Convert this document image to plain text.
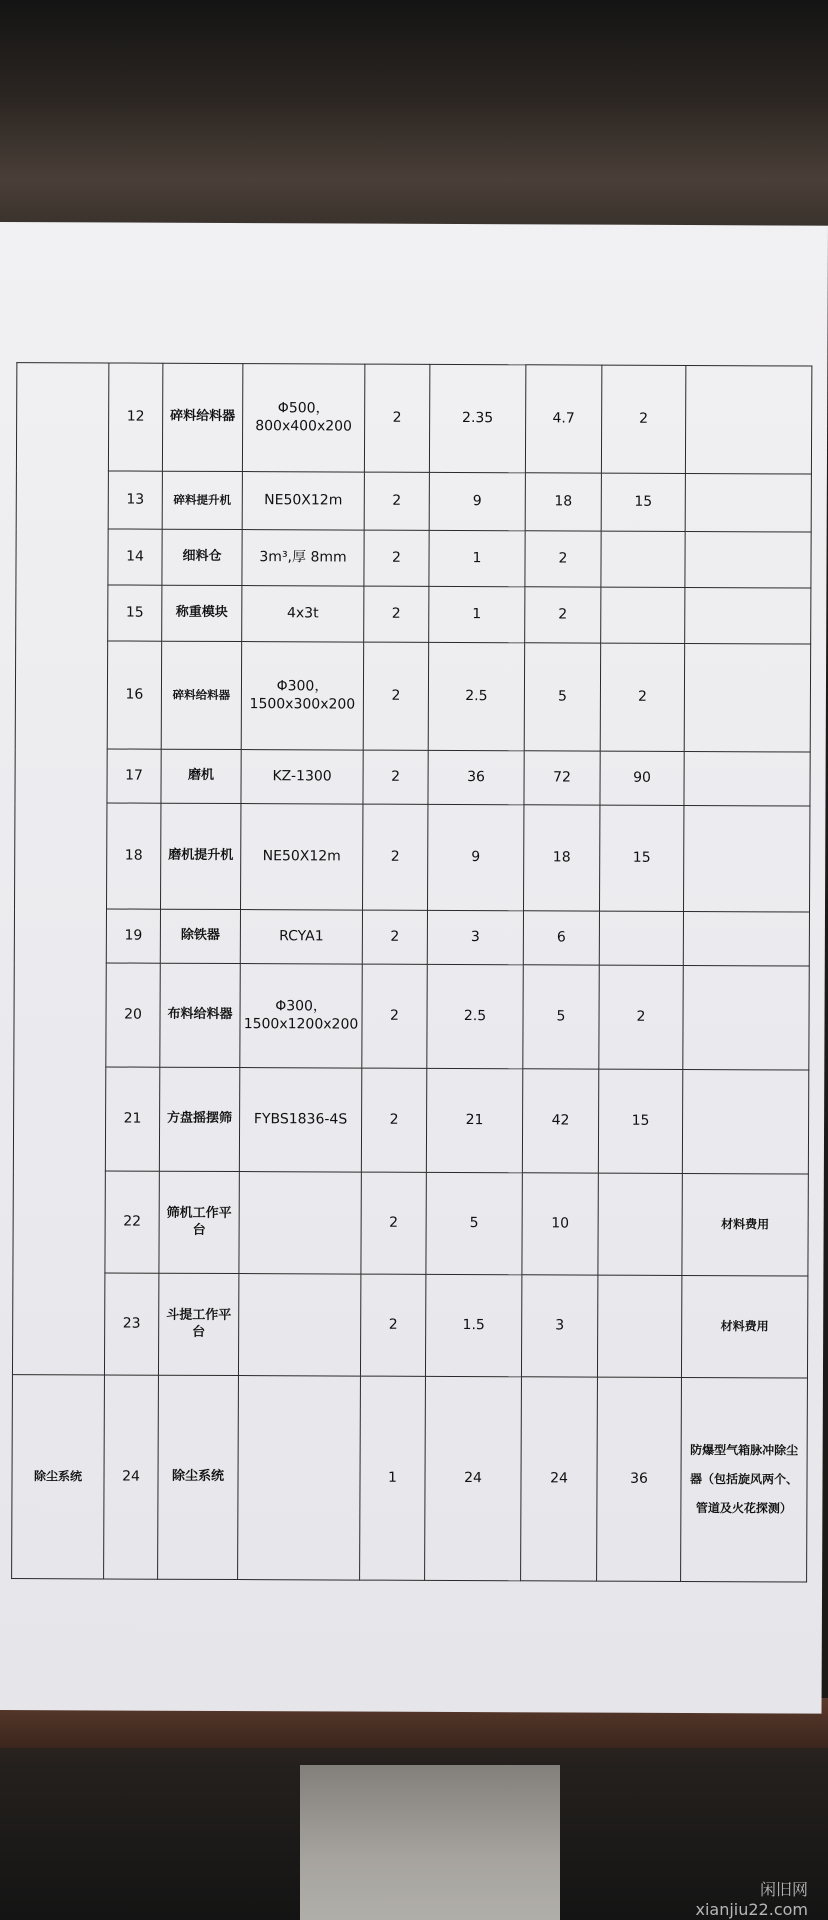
	12	碎料给料器	Φ500，800x400x200	2	2.35	4.7	2	
	13	碎料提升机	NE50X12m	2	9	18	15	
	14	细料仓	3m³,厚 8mm	2	1	2		
	15	称重模块	4x3t	2	1	2		
	16	碎料给料器	Φ300，1500x300x200	2	2.5	5	2	
	17	磨机	KZ-1300	2	36	72	90	
	18	磨机提升机	NE50X12m	2	9	18	15	
	19	除铁器	RCYA1	2	3	6		
	20	布料给料器	Φ300，1500x1200x200	2	2.5	5	2	
	21	方盘摇摆筛	FYBS1836-4S	2	21	42	15	
	22	筛机工作平台		2	5	10		材料费用
	23	斗提工作平台		2	1.5	3		材料费用
除尘系统	24	除尘系统		1	24	24	36	防爆型气箱脉冲除尘器（包括旋风两个、管道及火花探测）
闲旧网
xianjiu22.com
